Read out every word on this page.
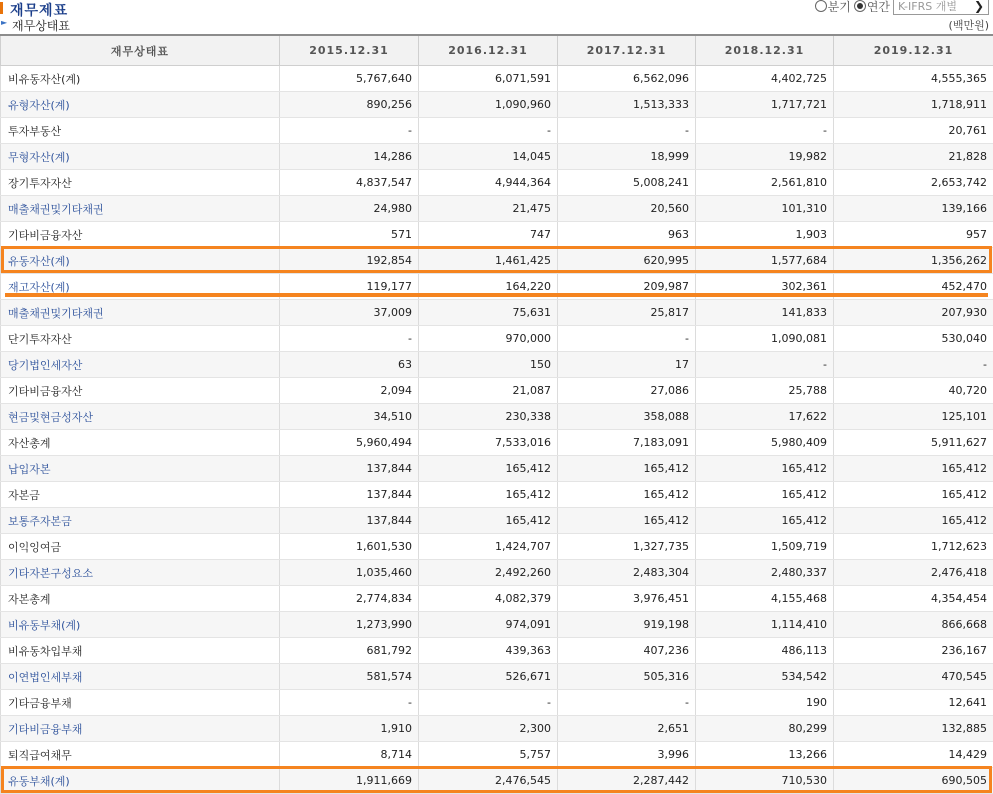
재무제표
► 재무상태표
분기 연간 K-IFRS 개별 ❯
(백만원)
재무상태표	2015.12.31	2016.12.31	2017.12.31	2018.12.31	2019.12.31
비유동자산(계)	5,767,640	6,071,591	6,562,096	4,402,725	4,555,365
유형자산(계)	890,256	1,090,960	1,513,333	1,717,721	1,718,911
투자부동산	-	-	-	-	20,761
무형자산(계)	14,286	14,045	18,999	19,982	21,828
장기투자자산	4,837,547	4,944,364	5,008,241	2,561,810	2,653,742
매출채권및기타채권	24,980	21,475	20,560	101,310	139,166
기타비금융자산	571	747	963	1,903	957
유동자산(계)	192,854	1,461,425	620,995	1,577,684	1,356,262
재고자산(계)	119,177	164,220	209,987	302,361	452,470
매출채권및기타채권	37,009	75,631	25,817	141,833	207,930
단기투자자산	-	970,000	-	1,090,081	530,040
당기법인세자산	63	150	17	-	-
기타비금융자산	2,094	21,087	27,086	25,788	40,720
현금및현금성자산	34,510	230,338	358,088	17,622	125,101
자산총계	5,960,494	7,533,016	7,183,091	5,980,409	5,911,627
납입자본	137,844	165,412	165,412	165,412	165,412
자본금	137,844	165,412	165,412	165,412	165,412
보통주자본금	137,844	165,412	165,412	165,412	165,412
이익잉여금	1,601,530	1,424,707	1,327,735	1,509,719	1,712,623
기타자본구성요소	1,035,460	2,492,260	2,483,304	2,480,337	2,476,418
자본총계	2,774,834	4,082,379	3,976,451	4,155,468	4,354,454
비유동부채(계)	1,273,990	974,091	919,198	1,114,410	866,668
비유동차입부채	681,792	439,363	407,236	486,113	236,167
이연법인세부채	581,574	526,671	505,316	534,542	470,545
기타금융부채	-	-	-	190	12,641
기타비금융부채	1,910	2,300	2,651	80,299	132,885
퇴직급여채무	8,714	5,757	3,996	13,266	14,429
유동부채(계)	1,911,669	2,476,545	2,287,442	710,530	690,505
